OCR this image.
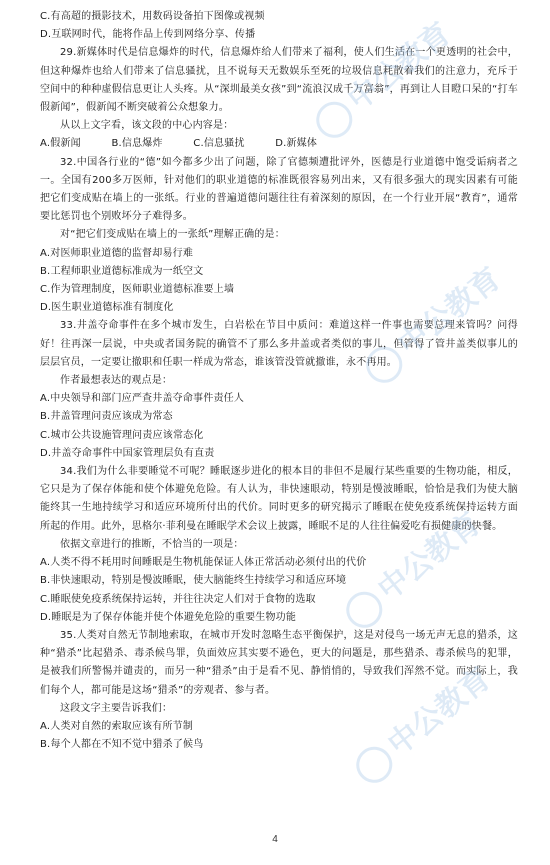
C.有高超的摄影技术，用数码设备拍下图像或视频

D.互联网时代，能将作品上传到网络分享、传播

29.新媒体时代是信息爆炸的时代，信息爆炸给人们带来了福利，使人们生活在一个更透明的社会中，但这种爆炸也给人们带来了信息骚扰，且不说每天无数娱乐至死的垃圾信息耗散着我们的注意力，充斥于空间中的种种虚假信息更让人头疼。从“深圳最美女孩”到“流浪汉成千万富翁”，再到让人目瞪口呆的“打车假新闻”，假新闻不断突破着公众想象力。

从以上文字看，该文段的中心内容是：

A.假新闻　　　B.信息爆炸　　　C.信息骚扰　　　D.新媒体

32.中国各行业的“德”如今都多少出了问题，除了官德频遭批评外，医德是行业道德中饱受诟病者之一。全国有200多万医师，针对他们的职业道德的标准既很容易列出来，又有很多强大的现实因素有可能把它们变成贴在墙上的一张纸。行业的普遍道德问题往往有着深刻的原因，在一个行业开展“教育”，通常要比惩罚也个别败坏分子难得多。

对“把它们变成贴在墙上的一张纸”理解正确的是：

A.对医师职业道德的监督却易行难

B.工程师职业道德标准成为一纸空文

C.作为管理制度，医师职业道德标准要上墙

D.医生职业道德标准有制度化

33.井盖夺命事件在多个城市发生，白岩松在节目中质问：难道这样一件事也需要总理来管吗？问得好！往再深一层说，中央或者国务院的确管不了那么多井盖或者类似的事儿，但管得了管井盖类似事儿的层层官员，一定要让撤职和任职一样成为常态，谁该管没管就撤谁，永不再用。

作者最想表达的观点是：

A.中央领导和部门应严查井盖夺命事件责任人

B.井盖管理问责应该成为常态

C.城市公共设施管理问责应该常态化

D.井盖夺命事件中国家管理层负有直责

34.我们为什么非要睡觉不可呢？睡眠逐步进化的根本目的非但不是履行某些重要的生物功能，相反，它只是为了保存体能和使个体避免危险。有人认为，非快速眼动，特别是慢波睡眠，恰恰是我们为使大脑能终其一生地持续学习和适应环境所付出的代价。同时更多的研究揭示了睡眠在使免疫系统保持运转方面所起的作用。此外，思格尔·菲利曼在睡眠学术会议上披露，睡眠不足的人往往偏爱吃有损健康的快餐。

依据文章进行的推断，不恰当的一项是：

A.人类不得不耗用时间睡眠是生物机能保证人体正常活动必须付出的代价

B.非快速眼动，特别是慢波睡眠，使大脑能终生持续学习和适应环境

C.睡眠使免疫系统保持运转，并往往决定人们对于食物的选取

D.睡眠是为了保存体能并使个体避免危险的重要生物功能

35.人类对自然无节制地索取，在城市开发时忽略生态平衡保护，这是对侵鸟一场无声无息的猎杀，这种“猎杀”比起猎杀、毒杀候鸟罪，负面效应其实要不逊色，更大的问题是，那些猎杀、毒杀候鸟的犯罪，是被我们所警惕并谴责的，而另一种“猎杀”由于是看不见、静悄悄的，导致我们浑然不觉。而实际上，我们每个人，都可能是这场“猎杀”的旁观者、参与者。

这段文字主要告诉我们：

A.人类对自然的索取应该有所节制

B.每个人都在不知不觉中猎杀了候鸟

中公教育
中公教育
中公教育
中公教育
4
